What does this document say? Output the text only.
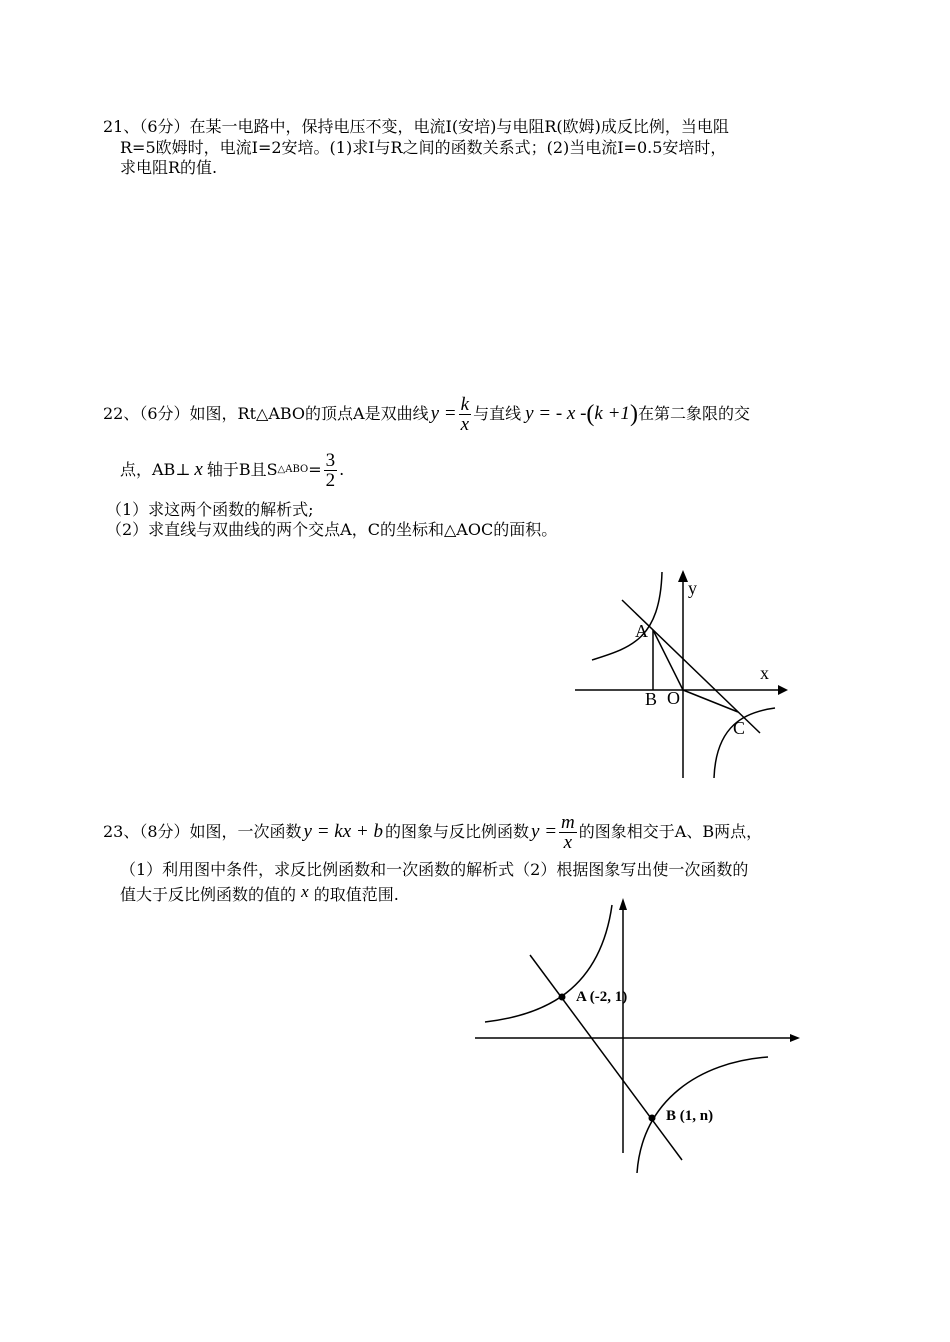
21、（6分）在某一电路中，保持电压不变，电流I(安培)与电阻R(欧姆)成反比例，当电阻
R=5欧姆时，电流I=2安培。(1)求I与R之间的函数关系式；(2)当电流I=0.5安培时，
求电阻R的值.
22、（6分）如图，Rt△ABO的顶点A是双曲线 $y = \frac{k}{x}$ 与直线 y = - x - ( k +1 ) 在第二象限的交
点，AB⊥ x 轴于B且S △ABO = $\frac{3}{2}$ .
（1）求这两个函数的解析式;
（2）求直线与双曲线的两个交点A，C的坐标和△AOC的面积。
y
x
A
B O
C
A (-2, 1)
B (1, n)
23、（8分）如图，一次函数 y = kx + b 的图象与反比例函数 $y = \frac{m}{x}$ 的图象相交于A、B两点，
（1）利用图中条件，求反比例函数和一次函数的解析式（2）根据图象写出使一次函数的
值大于反比例函数的值的 x 的取值范围.
